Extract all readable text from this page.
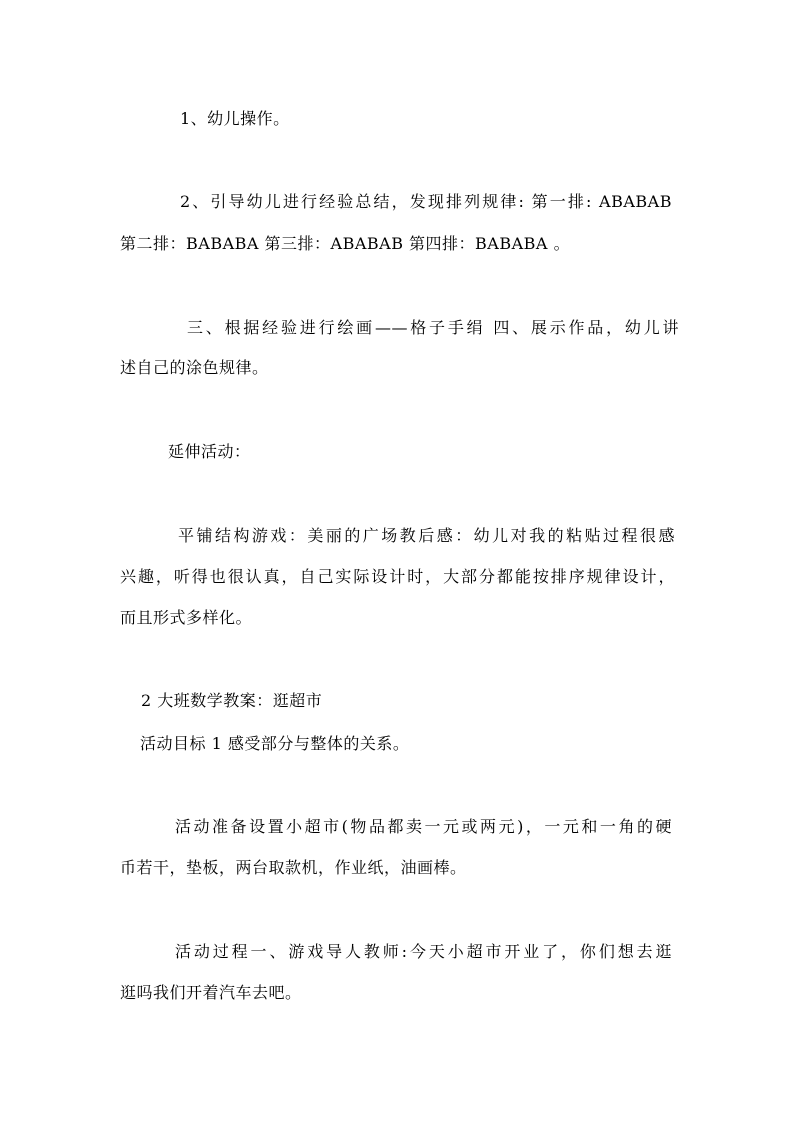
1、幼儿操作。
2、引导幼儿进行经验总结，发现排列规律: 第一排: ABABAB
第二排：BABABA 第三排：ABABAB 第四排：BABABA 。
三、根据经验进行绘画——格子手绢 四、展示作品，幼儿讲
述自己的涂色规律。
延伸活动：
平铺结构游戏：美丽的广场教后感：幼儿对我的粘贴过程很感
兴趣，听得也很认真，自己实际设计时，大部分都能按排序规律设计，
而且形式多样化。
2 大班数学教案：逛超市
活动目标 1 感受部分与整体的关系。
活动准备设置小超市(物品都卖一元或两元)，一元和一角的硬
币若干，垫板，两台取款机，作业纸，油画棒。
活动过程一、游戏导人教师:今天小超市开业了，你们想去逛
逛吗我们开着汽车去吧。
